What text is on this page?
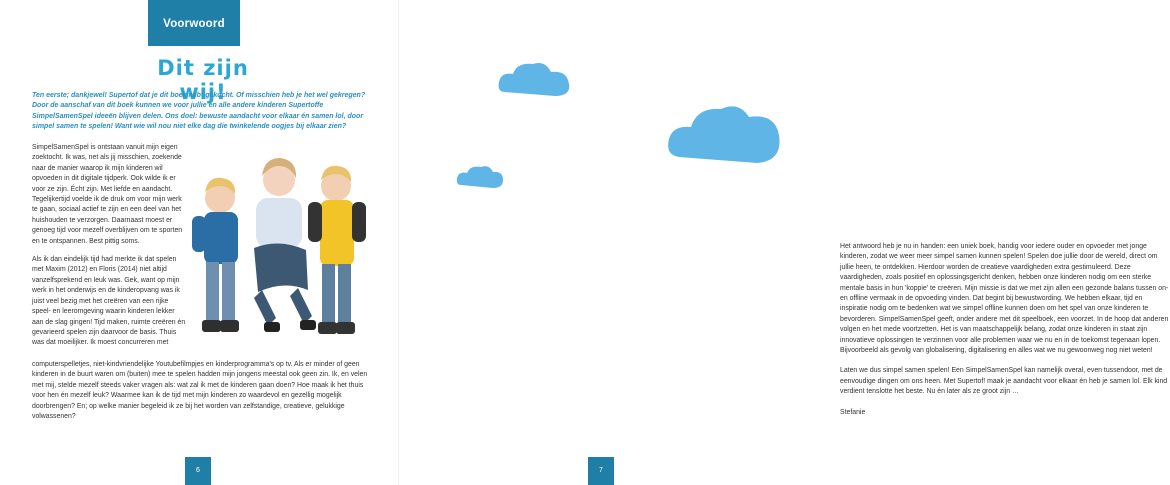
Voorwoord
Dit zijn wij!
Ten eerste; dankjewel! Supertof dat je dit boek hebt gekocht. Of misschien heb je het wel gekregen? Door de aanschaf van dit boek kunnen we voor jullie en alle andere kinderen Supertoffe SimpelSamenSpel ideeën blijven delen. Ons doel: bewuste aandacht voor elkaar én samen lol, door simpel samen te spelen! Want wie wil nou niet elke dag die twinkelende oogjes bij elkaar zien?

SimpelSamenSpel is ontstaan vanuit mijn eigen zoektocht. Ik was, net als jij misschien, zoekende naar de manier waarop ik mijn kinderen wil opvoeden in dit digitale tijdperk. Ook wilde ik er voor ze zijn. Écht zijn. Met liefde en aandacht. Tegelijkertijd voelde ik de druk om voor mijn werk te gaan, sociaal actief te zijn en een deel van het huishouden te verzorgen. Daarnaast moest er genoeg tijd voor mezelf overblijven om te sporten en te ontspannen. Best pittig soms.

Als ik dan eindelijk tijd had merkte ik dat spelen met Maxim (2012) en Floris (2014) niet altijd vanzelfsprekend en leuk was. Gek, want op mijn werk in het onderwijs en de kinderopvang was ik juist veel bezig met het creëren van een rijke speel- en leeromgeving waarin kinderen lekker aan de slag gingen! Tijd maken, ruimte creëren én gevarieerd spelen zijn daarvoor de basis. Thuis was dat moeilijker. Ik moest concurreren met

computerspelletjes, niet-kindvriendelijke Youtubefilmpjes en kinderprogramma's op tv. Als er minder of geen kinderen in de buurt waren om (buiten) mee te spelen hadden mijn jongens meestal ook geen zin. Ik, en velen met mij, stelde mezelf steeds vaker vragen als: wat zal ik met de kinderen gaan doen? Hoe maak ik het thuis voor hen én mezelf leuk? Waarmee kan ik de tijd met mijn kinderen zo waardevol en gezellig mogelijk doorbrengen? En; op welke manier begeleid ik ze bij het worden van zelfstandige, creatieve, gelukkige volwassenen?
6

Het antwoord heb je nu in handen: een uniek boek, handig voor iedere ouder en opvoeder met jonge kinderen, zodat we weer meer simpel samen kunnen spelen! Spelen doe jullie door de wereld, direct om jullie heen, te ontdekken. Hierdoor worden de creatieve vaardigheden extra gestimuleerd. Deze vaardigheden, zoals positief en oplossingsgericht denken, hebben onze kinderen nodig om een sterke mentale basis in hun 'koppie' te creëren. Mijn missie is dat we met zijn allen een gezonde balans tussen on- en offline vermaak in de opvoeding vinden. Dat begint bij bewustwording. We hebben elkaar, tijd en inspiratie nodig om te bedenken wat we simpel offline kunnen doen om het spel van onze kinderen te bevorderen. SimpelSamenSpel geeft, onder andere met dit speelboek, een voorzet. In de hoop dat anderen volgen en het mede voortzetten. Het is van maatschappelijk belang, zodat onze kinderen in staat zijn innovatieve oplossingen te verzinnen voor alle problemen waar we nu en in de toekomst tegenaan lopen. Bijvoorbeeld als gevolg van globalisering, digitalisering en alles wat we nu gewoonweg nog niet weten!

Laten we dus simpel samen spelen! Een SimpelSamenSpel kan namelijk overal, even tussendoor, met de eenvoudige dingen om ons heen. Met Supertof! maak je aandacht voor elkaar én heb je samen lol. Elk kind verdient tenslotte het beste. Nu én later als ze groot zijn …

Stefanie

7
